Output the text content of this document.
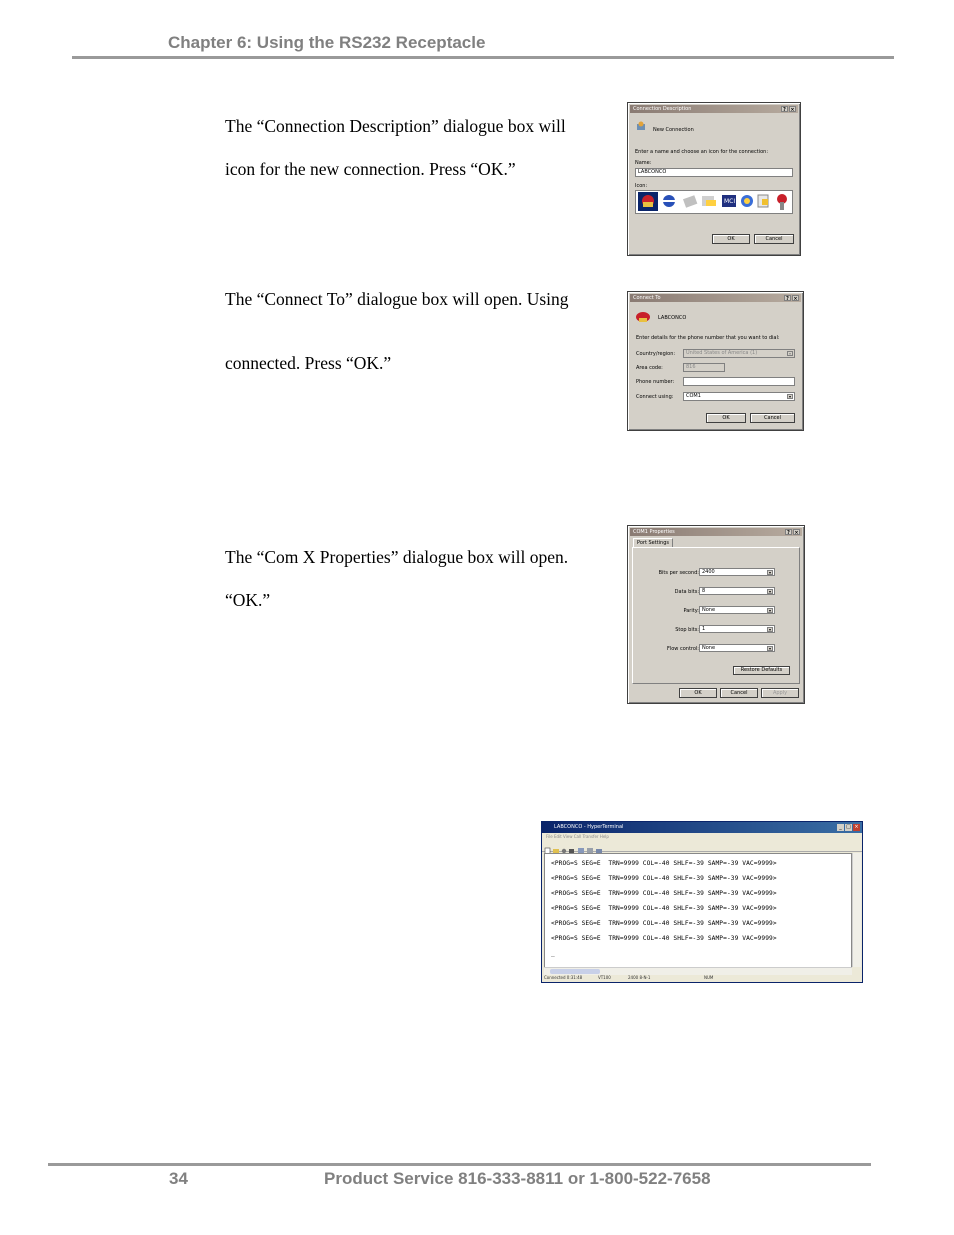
Chapter 6: Using the RS232 Receptacle
The “Connection Description” dialogue box will
icon for the new connection. Press “OK.”
The “Connect To” dialogue box will open. Using
connected. Press “OK.”
The “Com X Properties” dialogue box will open.
“OK.”
Connection Description	? ×
New Connection
Enter a name and choose an icon for the connection:
Name:
LABCONCO
Icon:
MCI
OK	Cancel
Connect To	? ×
LABCONCO
Enter details for the phone number that you want to dial:
Country/region:	United States of America (1)	▾
Area code:	816
Phone number:
Connect using:	COM1	▾
OK	Cancel
COM1 Properties	? ×
Port Settings
Bits per second: 2400	▾
Data bits: 8	▾
Parity: None	▾
Stop bits: 1	▾
Flow control: None	▾
Restore Defaults
OK	Cancel	Apply
LABCONCO - HyperTerminal	_ □ ×
File Edit View Call Transfer Help
<PROG=S SEG=E  TRN=9999 COL=-40 SHLF=-39 SAMP=-39 VAC=9999>
<PROG=S SEG=E  TRN=9999 COL=-40 SHLF=-39 SAMP=-39 VAC=9999>
<PROG=S SEG=E  TRN=9999 COL=-40 SHLF=-39 SAMP=-39 VAC=9999>
<PROG=S SEG=E  TRN=9999 COL=-40 SHLF=-39 SAMP=-39 VAC=9999>
<PROG=S SEG=E  TRN=9999 COL=-40 SHLF=-39 SAMP=-39 VAC=9999>
<PROG=S SEG=E  TRN=9999 COL=-40 SHLF=-39 SAMP=-39 VAC=9999>
_
Connected 0:31:48	VT100	2400 8-N-1	NUM
34	Product Service 816-333-8811 or 1-800-522-7658
